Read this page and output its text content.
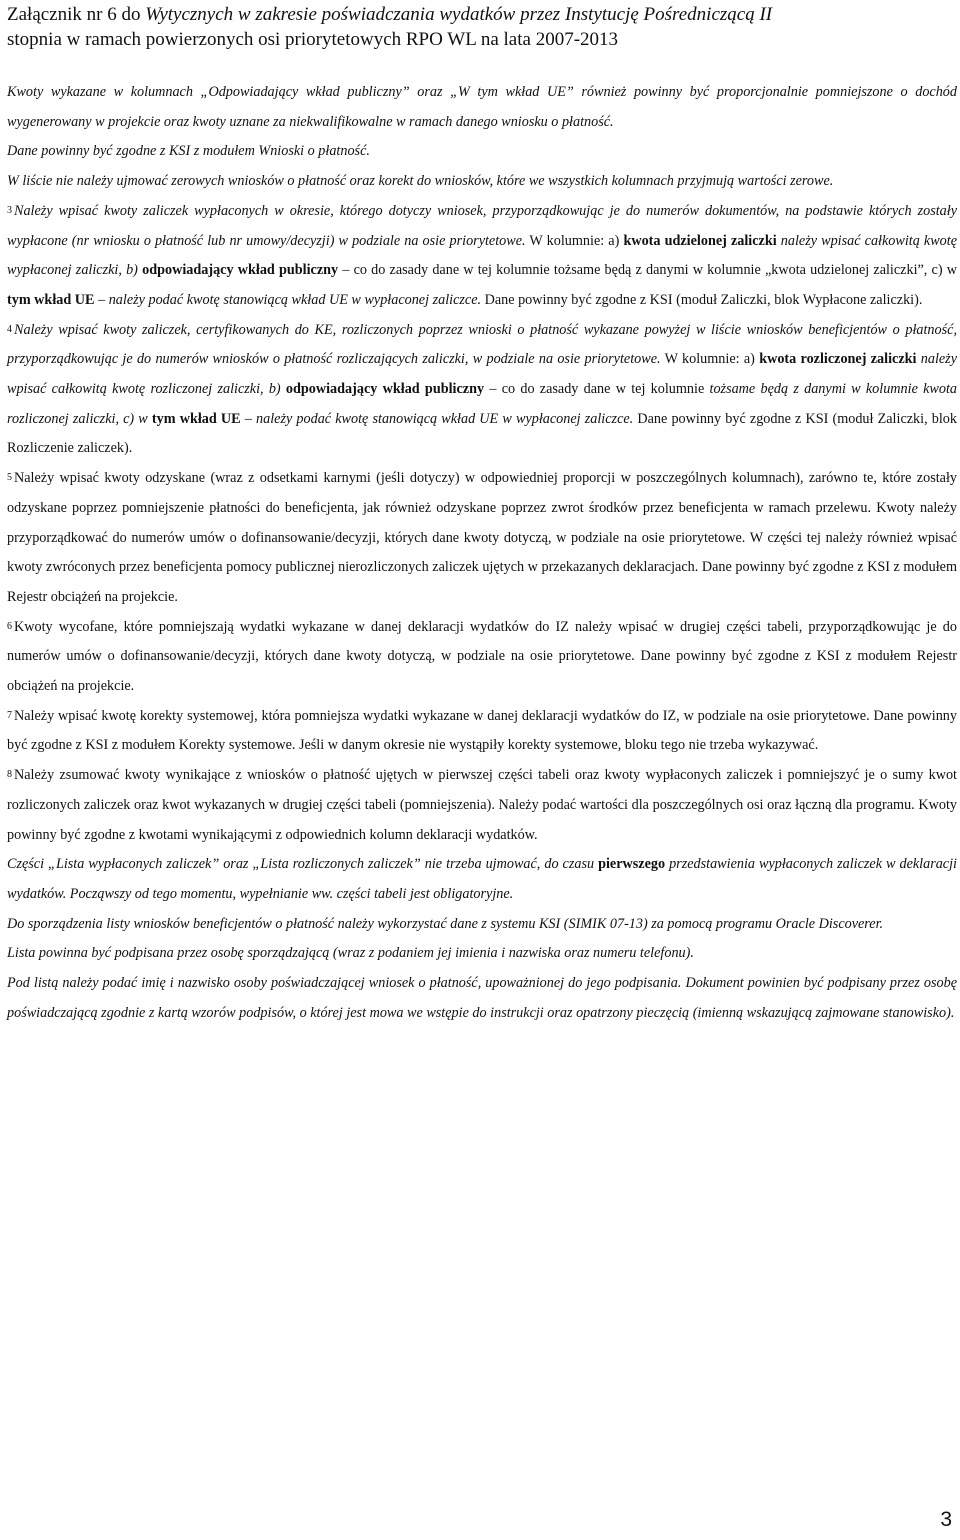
Załącznik nr 6 do Wytycznych w zakresie poświadczania wydatków przez Instytucję Pośredniczącą II
stopnia w ramach powierzonych osi priorytetowych RPO WL na lata 2007-2013

Kwoty wykazane w kolumnach „Odpowiadający wkład publiczny” oraz „W tym wkład UE” również powinny być proporcjonalnie pomniejszone o dochód wygenerowany w projekcie oraz kwoty uznane za niekwalifikowalne w ramach danego wniosku o płatność.

Dane powinny być zgodne z KSI z modułem Wnioski o płatność.

W liście nie należy ujmować zerowych wniosków o płatność oraz korekt do wniosków, które we wszystkich kolumnach przyjmują wartości zerowe.

$^3$ Należy wpisać kwoty zaliczek wypłaconych w okresie, którego dotyczy wniosek, przyporządkowując je do numerów dokumentów, na podstawie których zostały wypłacone (nr wniosku o płatność lub nr umowy/decyzji) w podziale na osie priorytetowe. W kolumnie: a) kwota udzielonej zaliczki należy wpisać całkowitą kwotę wypłaconej zaliczki, b) odpowiadający wkład publiczny – co do zasady dane w tej kolumnie tożsame będą z danymi w kolumnie „kwota udzielonej zaliczki”, c) w tym wkład UE – należy podać kwotę stanowiącą wkład UE w wypłaconej zaliczce. Dane powinny być zgodne z KSI (moduł Zaliczki, blok Wypłacone zaliczki).

$^4$ Należy wpisać kwoty zaliczek, certyfikowanych do KE, rozliczonych poprzez wnioski o płatność wykazane powyżej w liście wniosków beneficjentów o płatność, przyporządkowując je do numerów wniosków o płatność rozliczających zaliczki, w podziale na osie priorytetowe. W kolumnie: a) kwota rozliczonej zaliczki należy wpisać całkowitą kwotę rozliczonej zaliczki, b) odpowiadający wkład publiczny – co do zasady dane w tej kolumnie tożsame będą z danymi w kolumnie kwota rozliczonej zaliczki, c) w tym wkład UE – należy podać kwotę stanowiącą wkład UE w wypłaconej zaliczce. Dane powinny być zgodne z KSI (moduł Zaliczki, blok Rozliczenie zaliczek).

$^5$ Należy wpisać kwoty odzyskane (wraz z odsetkami karnymi (jeśli dotyczy) w odpowiedniej proporcji w poszczególnych kolumnach), zarówno te, które zostały odzyskane poprzez pomniejszenie płatności do beneficjenta, jak również odzyskane poprzez zwrot środków przez beneficjenta w ramach przelewu. Kwoty należy przyporządkować do numerów umów o dofinansowanie/decyzji, których dane kwoty dotyczą, w podziale na osie priorytetowe. W części tej należy również wpisać kwoty zwróconych przez beneficjenta pomocy publicznej nierozliczonych zaliczek ujętych w przekazanych deklaracjach. Dane powinny być zgodne z KSI z modułem Rejestr obciążeń na projekcie.

$^6$ Kwoty wycofane, które pomniejszają wydatki wykazane w danej deklaracji wydatków do IZ należy wpisać w drugiej części tabeli, przyporządkowując je do numerów umów o dofinansowanie/decyzji, których dane kwoty dotyczą, w podziale na osie priorytetowe. Dane powinny być zgodne z KSI z modułem Rejestr obciążeń na projekcie.

$^7$ Należy wpisać kwotę korekty systemowej, która pomniejsza wydatki wykazane w danej deklaracji wydatków do IZ, w podziale na osie priorytetowe. Dane powinny być zgodne z KSI z modułem Korekty systemowe. Jeśli w danym okresie nie wystąpiły korekty systemowe, bloku tego nie trzeba wykazywać.

$^8$ Należy zsumować kwoty wynikające z wniosków o płatność ujętych w pierwszej części tabeli oraz kwoty wypłaconych zaliczek i pomniejszyć je o sumy kwot rozliczonych zaliczek oraz kwot wykazanych w drugiej części tabeli (pomniejszenia). Należy podać wartości dla poszczególnych osi oraz łączną dla programu. Kwoty powinny być zgodne z kwotami wynikającymi z odpowiednich kolumn deklaracji wydatków.

Części „Lista wypłaconych zaliczek” oraz „Lista rozliczonych zaliczek” nie trzeba ujmować, do czasu pierwszego przedstawienia wypłaconych zaliczek w deklaracji wydatków. Począwszy od tego momentu, wypełnianie ww. części tabeli jest obligatoryjne.

Do sporządzenia listy wniosków beneficjentów o płatność należy wykorzystać dane z systemu KSI (SIMIK 07-13) za pomocą programu Oracle Discoverer.

Lista powinna być podpisana przez osobę sporządzającą (wraz z podaniem jej imienia i nazwiska oraz numeru telefonu).

Pod listą należy podać imię i nazwisko osoby poświadczającej wniosek o płatność, upoważnionej do jego podpisania. Dokument powinien być podpisany przez osobę poświadczającą zgodnie z kartą wzorów podpisów, o której jest mowa we wstępie do instrukcji oraz opatrzony pieczęcią (imienną wskazującą zajmowane stanowisko).

3
